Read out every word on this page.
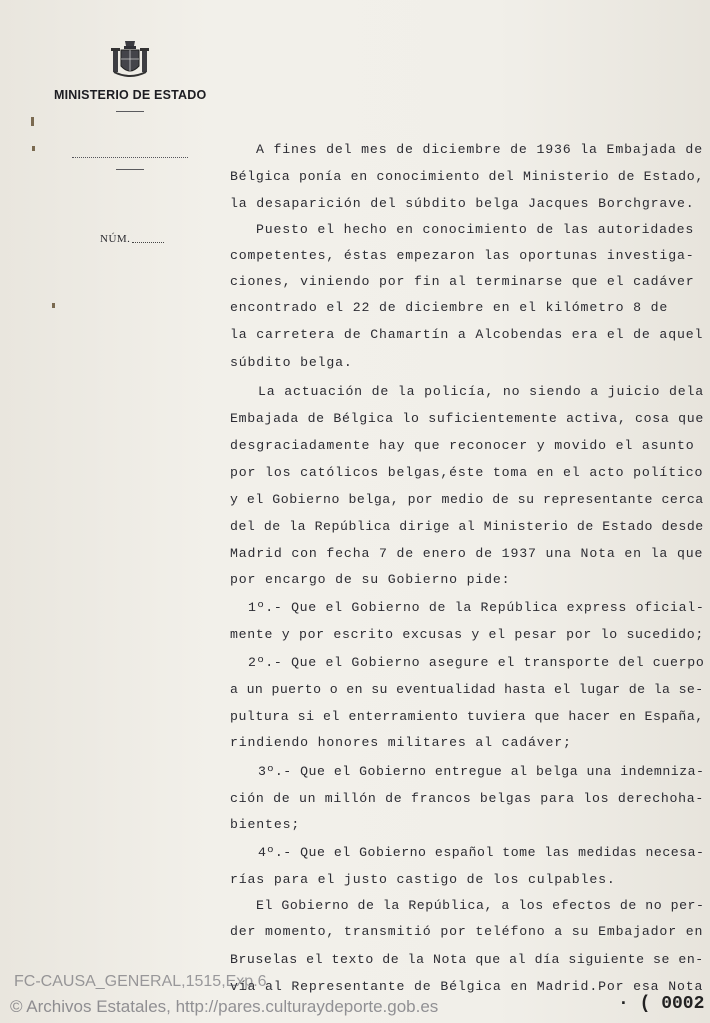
MINISTERIO DE ESTADO
NÚM.
A fines del mes de diciembre de 1936 la Embajada de
Bélgica ponía en conocimiento del Ministerio de Estado,
la desaparición del súbdito belga Jacques Borchgrave.
Puesto el hecho en conocimiento de las autoridades
competentes, éstas empezaron las oportunas investiga-
ciones, viniendo por fin al terminarse que el cadáver
encontrado el 22 de diciembre en el kilómetro 8 de
la carretera de Chamartín a Alcobendas era el de aquel
súbdito belga.
La actuación de la policía, no siendo a juicio dela
Embajada de Bélgica lo suficientemente activa, cosa que
desgraciadamente hay que reconocer y movido el asunto
por los católicos belgas,éste toma en el acto político
y el Gobierno belga, por medio de su representante cerca
del de la República dirige al Ministerio de Estado desde
Madrid con fecha 7 de enero de 1937 una Nota en la que
por encargo de su Gobierno pide:
1º.- Que el Gobierno de la República express oficial-
mente y por escrito excusas y el pesar por lo sucedido;
2º.- Que el Gobierno asegure el transporte del cuerpo
a un puerto o en su eventualidad hasta el lugar de la se-
pultura si el enterramiento tuviera que hacer en España,
rindiendo honores militares al cadáver;
3º.- Que el Gobierno entregue al belga una indemniza-
ción de un millón de francos belgas para los derechoha-
bientes;
4º.- Que el Gobierno español tome las medidas necesa-
rías para el justo castigo de los culpables.
El Gobierno de la República, a los efectos de no per-
der momento, transmitió por teléfono a su Embajador en
Bruselas el texto de la Nota que al día siguiente se en-
vía al Representante de Bélgica en Madrid.Por esa Nota
FC-CAUSA_GENERAL,1515,Exp.6
© Archivos Estatales, http://pares.culturaydeporte.gob.es	· ( 0002
